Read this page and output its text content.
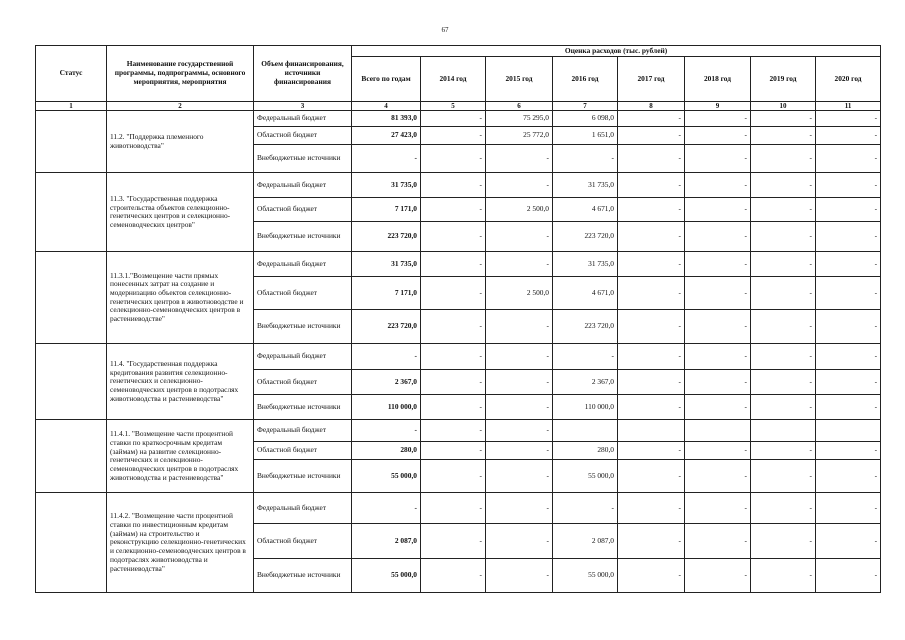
67
Статус	Наименование государственной программы, подпрограммы, основного мероприятия, мероприятия	Объем финансирования, источники финансирования	Оценка расходов (тыс. рублей)							
			Всего по годам	2014 год	2015 год	2016 год	2017 год	2018 год	2019 год	2020 год
1	2	3	4	5	6	7	8	9	10	11
	11.2. "Поддержка племенного животноводства"	Федеральный бюджет	81 393,0	-	75 295,0	6 098,0	-	-	-	-
		Областной бюджет	27 423,0	-	25 772,0	1 651,0	-	-	-	-
		Внебюджетные источники	-	-	-	-	-	-	-	-
	11.3. "Государственная поддержка строительства объектов селекционно-генетических центров и селекционно-семеноводческих центров"	Федеральный бюджет	31 735,0	-	-	31 735,0	-	-	-	-
		Областной бюджет	7 171,0	-	2 500,0	4 671,0	-	-	-	-
		Внебюджетные источники	223 720,0	-	-	223 720,0	-	-	-	-
	11.3.1."Возмещение части прямых понесенных затрат на создание и модернизацию объектов селекционно-генетических центров в животноводстве и селекционно-семеноводческих центров в растениеводстве"	Федеральный бюджет	31 735,0	-	-	31 735,0	-	-	-	-
		Областной бюджет	7 171,0	-	2 500,0	4 671,0	-	-	-	-
		Внебюджетные источники	223 720,0	-	-	223 720,0	-	-	-	-
	11.4. "Государственная поддержка кредитования развития селекционно-генетических и селекционно-семеноводческих центров в подотраслях животноводства и растениеводства"	Федеральный бюджет	-	-	-	-	-	-	-	-
		Областной бюджет	2 367,0	-	-	2 367,0	-	-	-	-
		Внебюджетные источники	110 000,0	-	-	110 000,0	-	-	-	-
	11.4.1. "Возмещение части процентной ставки по краткосрочным кредитам (займам) на развитие селекционно-генетических и селекционно-семеноводческих центров в подотраслях животноводства и растениеводства"	Федеральный бюджет	-	-	-					
		Областной бюджет	280,0	-	-	280,0	-	-	-	-
		Внебюджетные источники	55 000,0	-	-	55 000,0	-	-	-	-
	11.4.2. "Возмещение части процентной ставки по инвестиционным кредитам (займам) на строительство и реконструкцию селекционно-генетических и селекционно-семеноводческих центров в подотраслях животноводства и растениеводства"	Федеральный бюджет	-	-	-	-	-	-	-	-
		Областной бюджет	2 087,0	-	-	2 087,0	-	-	-	-
		Внебюджетные источники	55 000,0	-	-	55 000,0	-	-	-	-
